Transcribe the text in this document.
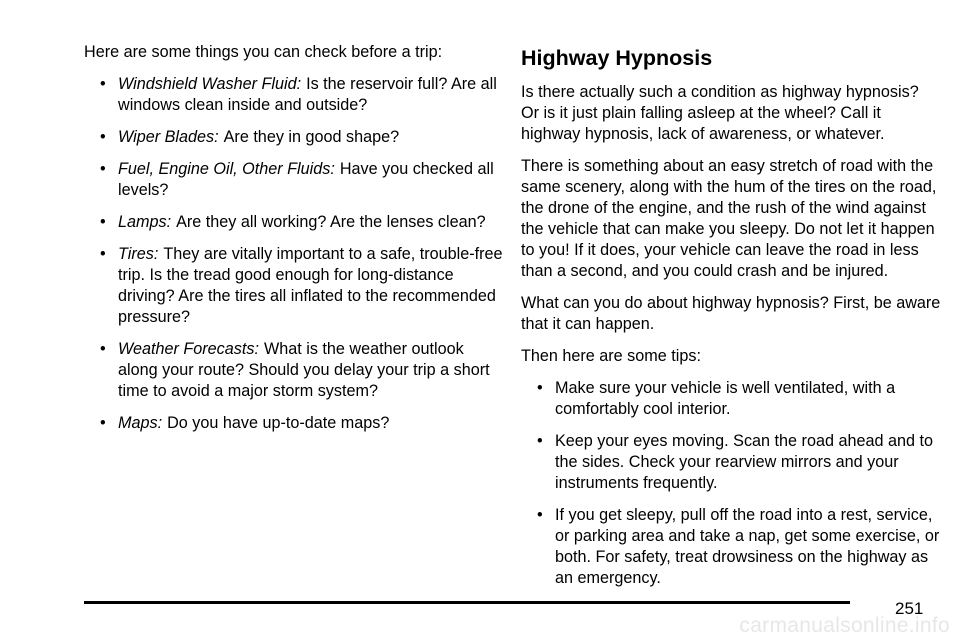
Here are some things you can check before a trip:

• Windshield Washer Fluid: Is the reservoir full? Are all windows clean inside and outside?
• Wiper Blades: Are they in good shape?
• Fuel, Engine Oil, Other Fluids: Have you checked all levels?
• Lamps: Are they all working? Are the lenses clean?
• Tires: They are vitally important to a safe, trouble-free trip. Is the tread good enough for long-distance driving? Are the tires all inflated to the recommended pressure?
• Weather Forecasts: What is the weather outlook along your route? Should you delay your trip a short time to avoid a major storm system?
• Maps: Do you have up-to-date maps?
Highway Hypnosis

Is there actually such a condition as highway hypnosis? Or is it just plain falling asleep at the wheel? Call it highway hypnosis, lack of awareness, or whatever.

There is something about an easy stretch of road with the same scenery, along with the hum of the tires on the road, the drone of the engine, and the rush of the wind against the vehicle that can make you sleepy. Do not let it happen to you! If it does, your vehicle can leave the road in less than a second, and you could crash and be injured.

What can you do about highway hypnosis? First, be aware that it can happen.

Then here are some tips:

• Make sure your vehicle is well ventilated, with a comfortably cool interior.
• Keep your eyes moving. Scan the road ahead and to the sides. Check your rearview mirrors and your instruments frequently.
• If you get sleepy, pull off the road into a rest, service, or parking area and take a nap, get some exercise, or both. For safety, treat drowsiness on the highway as an emergency.
251
carmanualsonline.info
